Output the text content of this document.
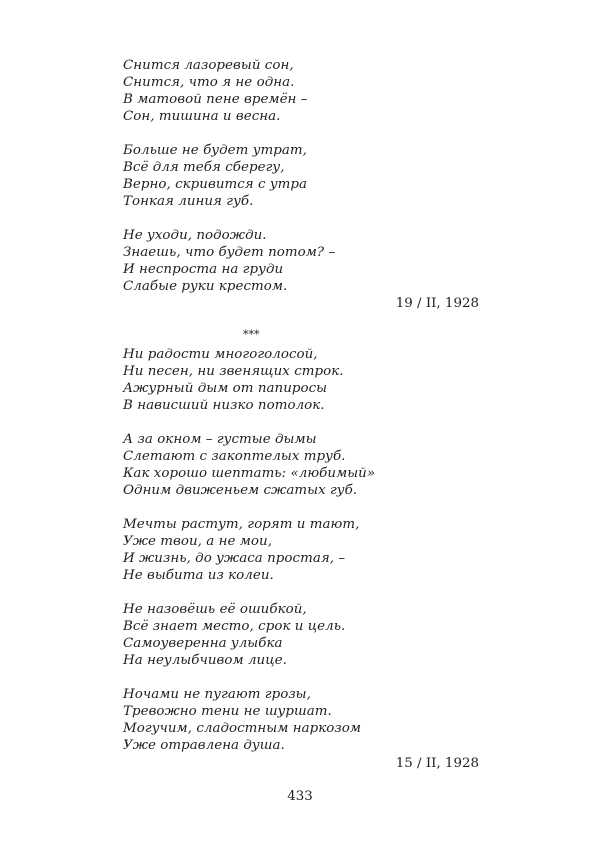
Снится лазоревый сон,
Снится, что я не одна.
В матовой пене времён –
Сон, тишина и весна.
Больше не будет утрат,
Всё для тебя сберегу,
Верно, скривится с утра
Тонкая линия губ.
Не уходи, подожди.
Знаешь, что будет потом? –
И неспроста на груди
Слабые руки крестом.
19 / II, 1928
***
Ни радости многоголосой,
Ни песен, ни звенящих строк.
Ажурный дым от папиросы
В нависший низко потолок.
А за окном – густые дымы
Слетают с закоптелых труб.
Как хорошо шептать: «любимый»
Одним движеньем сжатых губ.
Мечты растут, горят и тают,
Уже твои, а не мои,
И жизнь, до ужаса простая, –
Не выбита из колеи.
Не назовёшь её ошибкой,
Всё знает место, срок и цель.
Самоуверенна улыбка
На неулыбчивом лице.
Ночами не пугают грозы,
Тревожно тени не шуршат.
Могучим, сладостным наркозом
Уже отравлена душа.
15 / II, 1928
433
